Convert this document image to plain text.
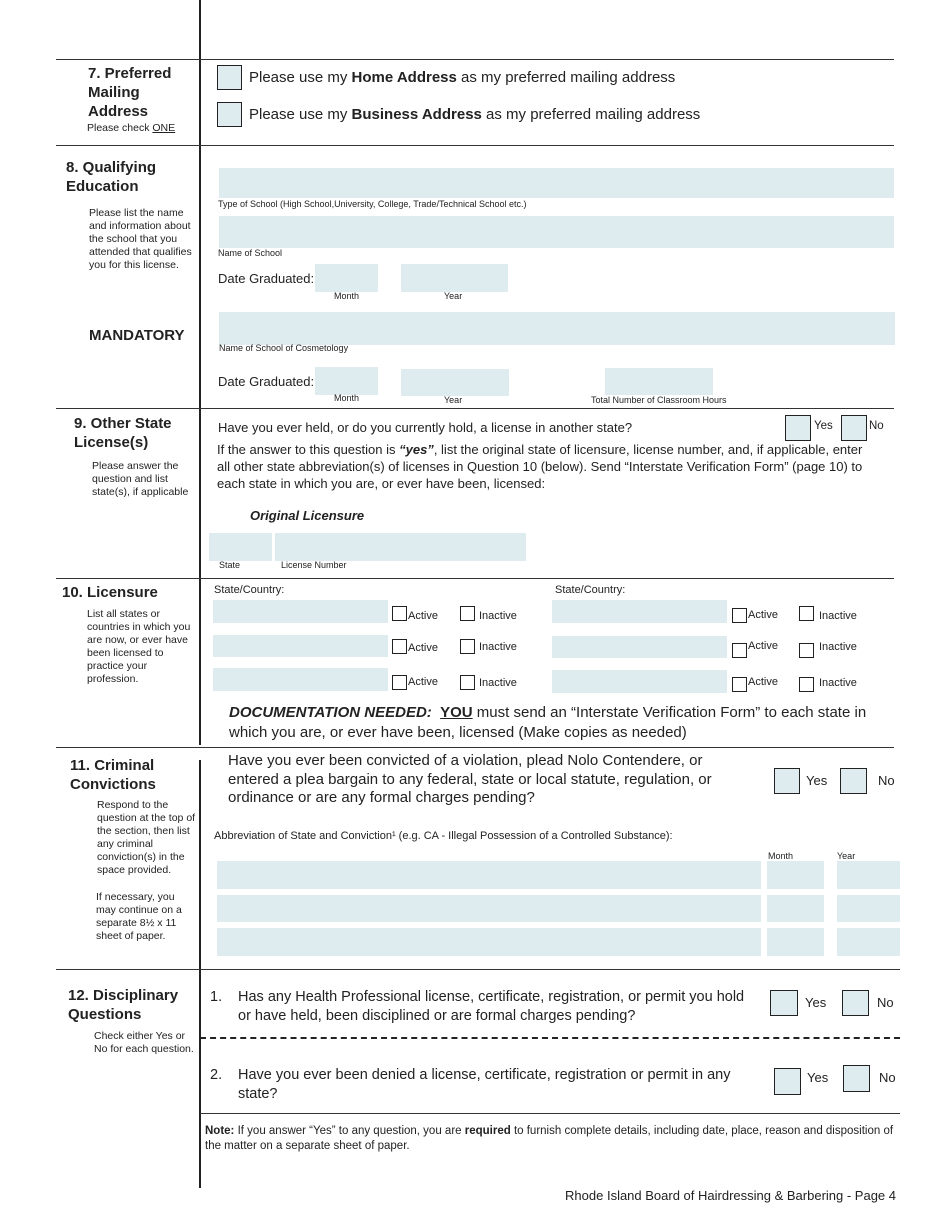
7. Preferred Mailing Address
Please check ONE
Please use my Home Address as my preferred mailing address
Please use my Business Address as my preferred mailing address
8. Qualifying Education
Please list the name and information about the school that you attended that qualifies you for this license.
MANDATORY
Type of School (High School,University, College, Trade/Technical School etc.)
Name of School
Date Graduated:
Month	Year
Name of School of Cosmetology
Date Graduated:
Month	Year	Total Number of Classroom Hours
9. Other State License(s)
Please answer the question and list state(s), if applicable
Have you ever held, or do you currently hold, a license in another state?	Yes	No
If the answer to this question is “yes”, list the original state of licensure, license number, and, if applicable, enter all other state abbreviation(s) of licenses in Question 10 (below). Send “Interstate Verification Form” (page 10) to each state in which you are, or ever have been, licensed:
Original Licensure
State	License Number
10. Licensure
List all states or countries in which you are now, or ever have been licensed to practice your profession.
State/Country:	State/Country:
Active	Inactive	Active	Inactive
Active	Inactive	Active	Inactive
Active	Inactive	Active	Inactive
DOCUMENTATION NEEDED: YOU must send an “Interstate Verification Form” to each state in which you are, or ever have been, licensed (Make copies as needed)
11. Criminal Convictions
Respond to the question at the top of the section, then list any criminal conviction(s) in the space provided.
If necessary, you may continue on a separate 8½ x 11 sheet of paper.
Have you ever been convicted of a violation, plead Nolo Contendere, or entered a plea bargain to any federal, state or local statute, regulation, or ordinance or are any formal charges pending?
Yes	No
Abbreviation of State and Conviction¹ (e.g. CA - Illegal Possession of a Controlled Substance):
Month	Year
12. Disciplinary Questions
Check either Yes or No for each question.
1. Has any Health Professional license, certificate, registration, or permit you hold or have held, been disciplined or are formal charges pending?
Yes	No
2. Have you ever been denied a license, certificate, registration or permit in any state?
Yes	No
Note: If you answer “Yes” to any question, you are required to furnish complete details, including date, place, reason and disposition of the matter on a separate sheet of paper.
Rhode Island Board of Hairdressing & Barbering - Page 4
